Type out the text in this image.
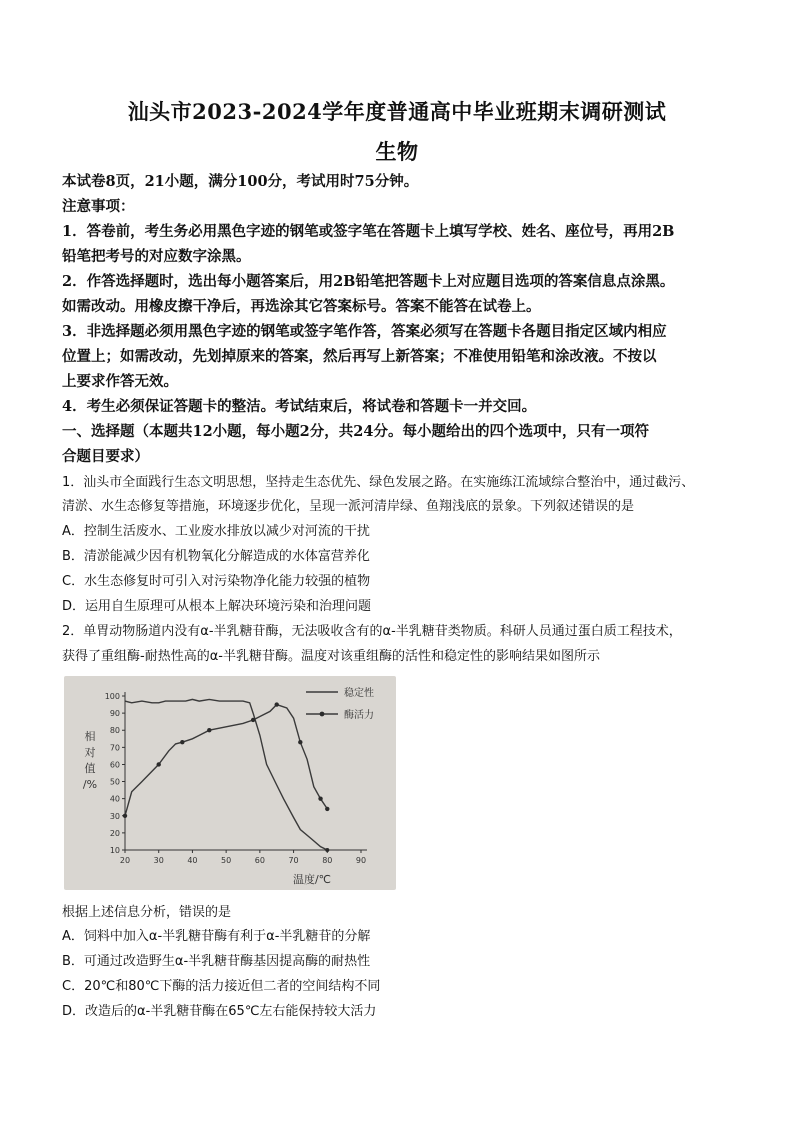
汕头市2023-2024学年度普通高中毕业班期末调研测试
生物
本试卷8页，21小题，满分100分，考试用时75分钟。
注意事项：
1．答卷前，考生务必用黑色字迹的钢笔或签字笔在答题卡上填写学校、姓名、座位号，再用2B
铅笔把考号的对应数字涂黑。
2．作答选择题时，选出每小题答案后，用2B铅笔把答题卡上对应题目选项的答案信息点涂黑。
如需改动。用橡皮擦干净后，再选涂其它答案标号。答案不能答在试卷上。
3．非选择题必须用黑色字迹的钢笔或签字笔作答，答案必须写在答题卡各题目指定区域内相应
位置上；如需改动，先划掉原来的答案，然后再写上新答案；不准使用铅笔和涂改液。不按以
上要求作答无效。
4．考生必须保证答题卡的整洁。考试结束后，将试卷和答题卡一并交回。
一、选择题（本题共12小题，每小题2分，共24分。每小题给出的四个选项中，只有一项符
合题目要求）
1．汕头市全面践行生态文明思想，坚持走生态优先、绿色发展之路。在实施练江流域综合整治中，通过截污、
清淤、水生态修复等措施，环境逐步优化，呈现一派河清岸绿、鱼翔浅底的景象。下列叙述错误的是
A．控制生活废水、工业废水排放以减少对河流的干扰
B．清淤能减少因有机物氧化分解造成的水体富营养化
C．水生态修复时可引入对污染物净化能力较强的植物
D．运用自生原理可从根本上解决环境污染和治理问题
2．单胃动物肠道内没有α-半乳糖苷酶，无法吸收含有的α-半乳糖苷类物质。科研人员通过蛋白质工程技术，
获得了重组酶-耐热性高的α-半乳糖苷酶。温度对该重组酶的活性和稳定性的影响结果如图所示
20	30	40	50	60	70	80	90
10
20
30
40
50
60
70
80
90
100
相
对
值
/%
温度/℃
稳定性
酶活力
根据上述信息分析，错误的是
A．饲料中加入α-半乳糖苷酶有利于α-半乳糖苷的分解
B．可通过改造野生α-半乳糖苷酶基因提高酶的耐热性
C．20℃和80℃下酶的活力接近但二者的空间结构不同
D．改造后的α-半乳糖苷酶在65℃左右能保持较大活力
